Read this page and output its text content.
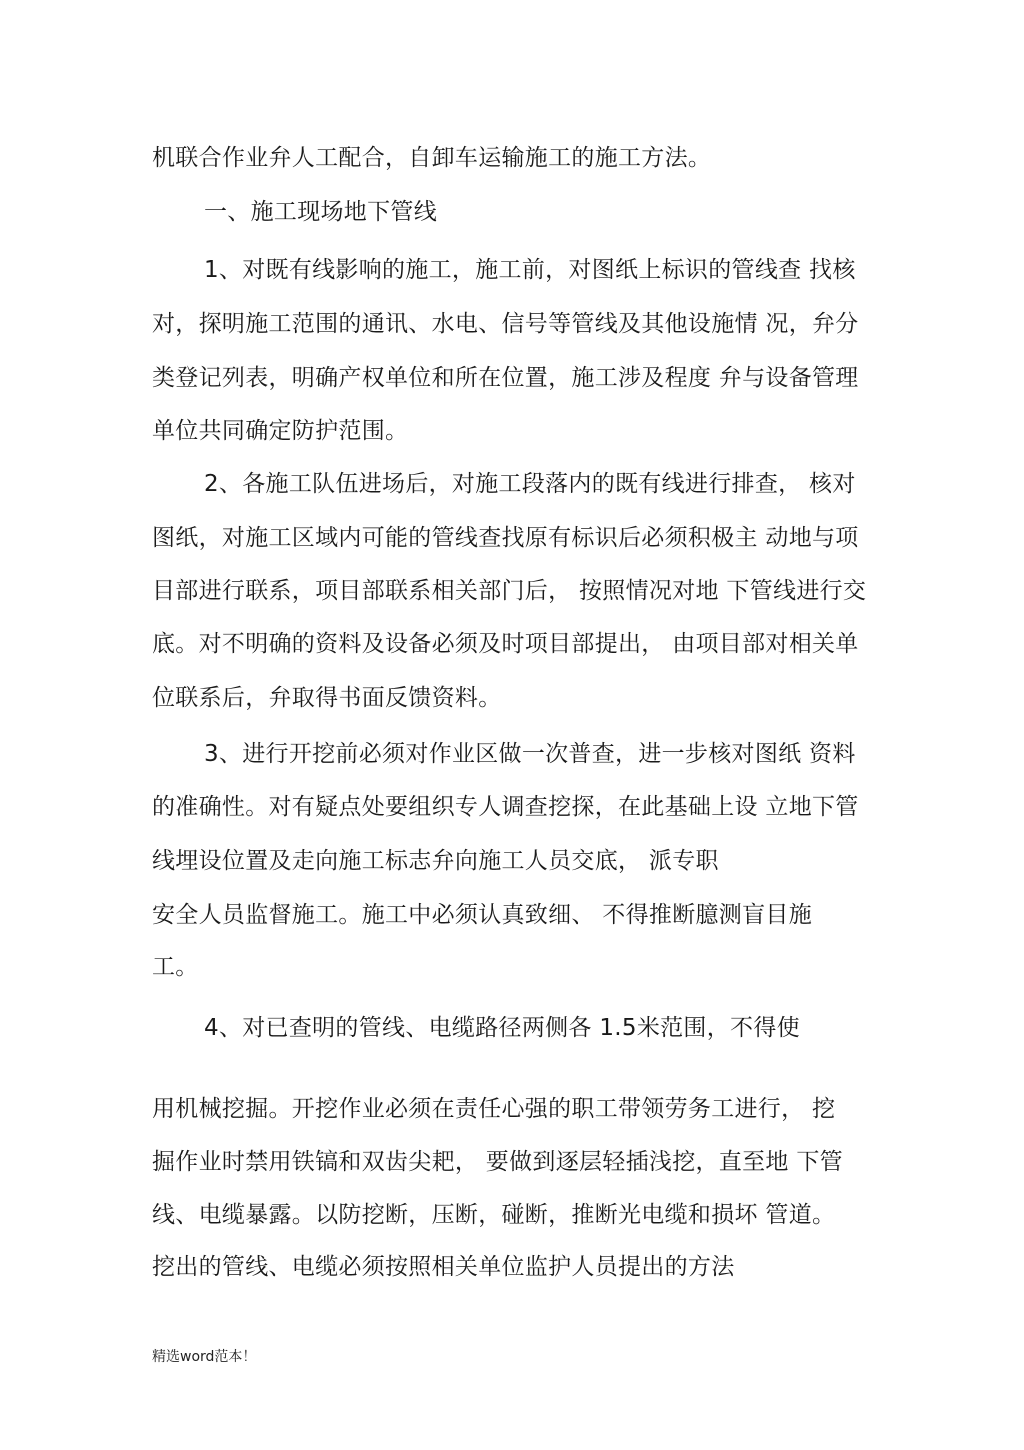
机联合作业弁人工配合，自卸车运输施工的施工方法。
一、施工现场地下管线
1、对既有线影响的施工，施工前，对图纸上标识的管线查 找核
对，探明施工范围的通讯、水电、信号等管线及其他设施情 况，弁分
类登记列表，明确产权单位和所在位置，施工涉及程度 弁与设备管理
单位共同确定防护范围。
2、各施工队伍进场后，对施工段落内的既有线进行排查， 核对
图纸，对施工区域内可能的管线查找原有标识后必须积极主 动地与项
目部进行联系，项目部联系相关部门后， 按照情况对地 下管线进行交
底。对不明确的资料及设备必须及时项目部提出， 由项目部对相关单
位联系后，弁取得书面反馈资料。
3、进行开挖前必须对作业区做一次普查，进一步核对图纸 资料
的准确性。对有疑点处要组织专人调查挖探，在此基础上设 立地下管
线埋设位置及走向施工标志弁向施工人员交底， 派专职
安全人员监督施工。施工中必须认真致细、 不得推断臆测盲目施
工。
4、对已查明的管线、电缆路径两侧各 1.5米范围，不得使
用机械挖掘。开挖作业必须在责任心强的职工带领劳务工进行， 挖
掘作业时禁用铁镐和双齿尖耙， 要做到逐层轻插浅挖，直至地 下管
线、电缆暴露。以防挖断，压断，碰断，推断光电缆和损坏 管道。
挖出的管线、电缆必须按照相关单位监护人员提出的方法
精选word范本！
